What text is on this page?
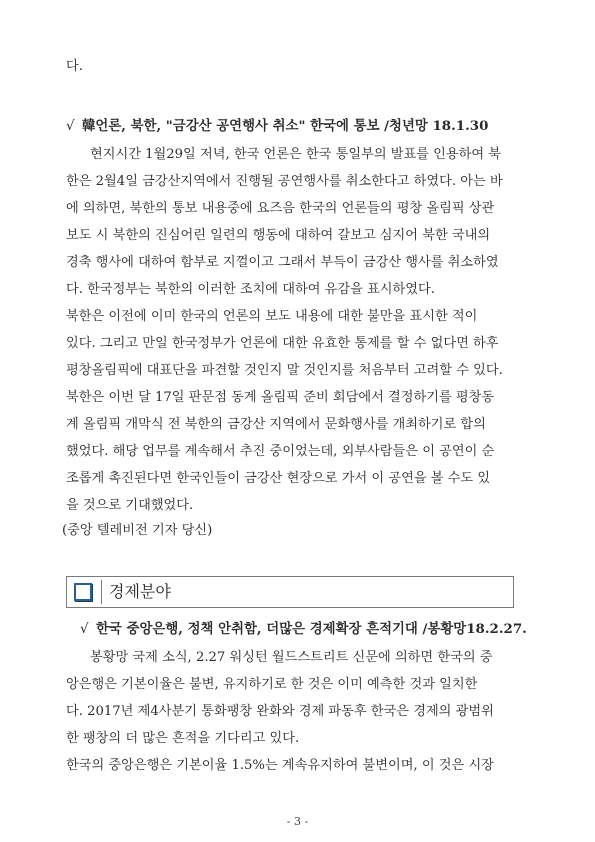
다.
√ 韓언론, 북한, "금강산 공연행사 취소" 한국에 통보 /청년망 18.1.30
현지시간 1월29일 저녁, 한국 언론은 한국 통일부의 발표를 인용하여 북
한은 2월4일 금강산지역에서 진행될 공연행사를 취소한다고 하였다. 아는 바
에 의하면, 북한의 통보 내용중에 요즈음 한국의 언론들의 평창 올림픽 상관
보도 시 북한의 진심어린 일련의 행동에 대하여 갈보고 심지어 북한 국내의
경축 행사에 대하여 함부로 지껄이고 그래서 부득이 금강산 행사를 취소하였
다. 한국정부는 북한의 이러한 조치에 대하여 유감을 표시하였다.
북한은 이전에 이미 한국의 언론의 보도 내용에 대한 불만을 표시한 적이
있다. 그리고 만일 한국정부가 언론에 대한 유효한 통제를 할 수 없다면 하후
평창올림픽에 대표단을 파견할 것인지 말 것인지를 처음부터 고려할 수 있다.
북한은 이번 달 17일 판문점 동계 올림픽 준비 회담에서 결정하기를 평창동
계 올림픽 개막식 전 북한의 금강산 지역에서 문화행사를 개최하기로 합의
했었다. 해당 업무를 계속해서 추진 중이었는데, 외부사람들은 이 공연이 순
조롭게 촉진된다면 한국인들이 금강산 현장으로 가서 이 공연을 볼 수도 있
을 것으로 기대했었다.
(중앙 텔레비전 기자 당신)
경제분야
√ 한국 중앙은행, 정책 안취함, 더많은 경제확장 흔적기대 /봉황망18.2.27.
봉황망 국제 소식, 2.27 워싱턴 월드스트리트 신문에 의하면 한국의 중
앙은행은 기본이율은 불변, 유지하기로 한 것은 이미 예측한 것과 일치한
다. 2017년 제4사분기 통화팽창 완화와 경제 파동후 한국은 경제의 광범위
한 팽창의 더 많은 흔적을 기다리고 있다.
한국의 중앙은행은 기본이율 1.5%는 계속유지하여 불변이며, 이 것은 시장
- 3 -
